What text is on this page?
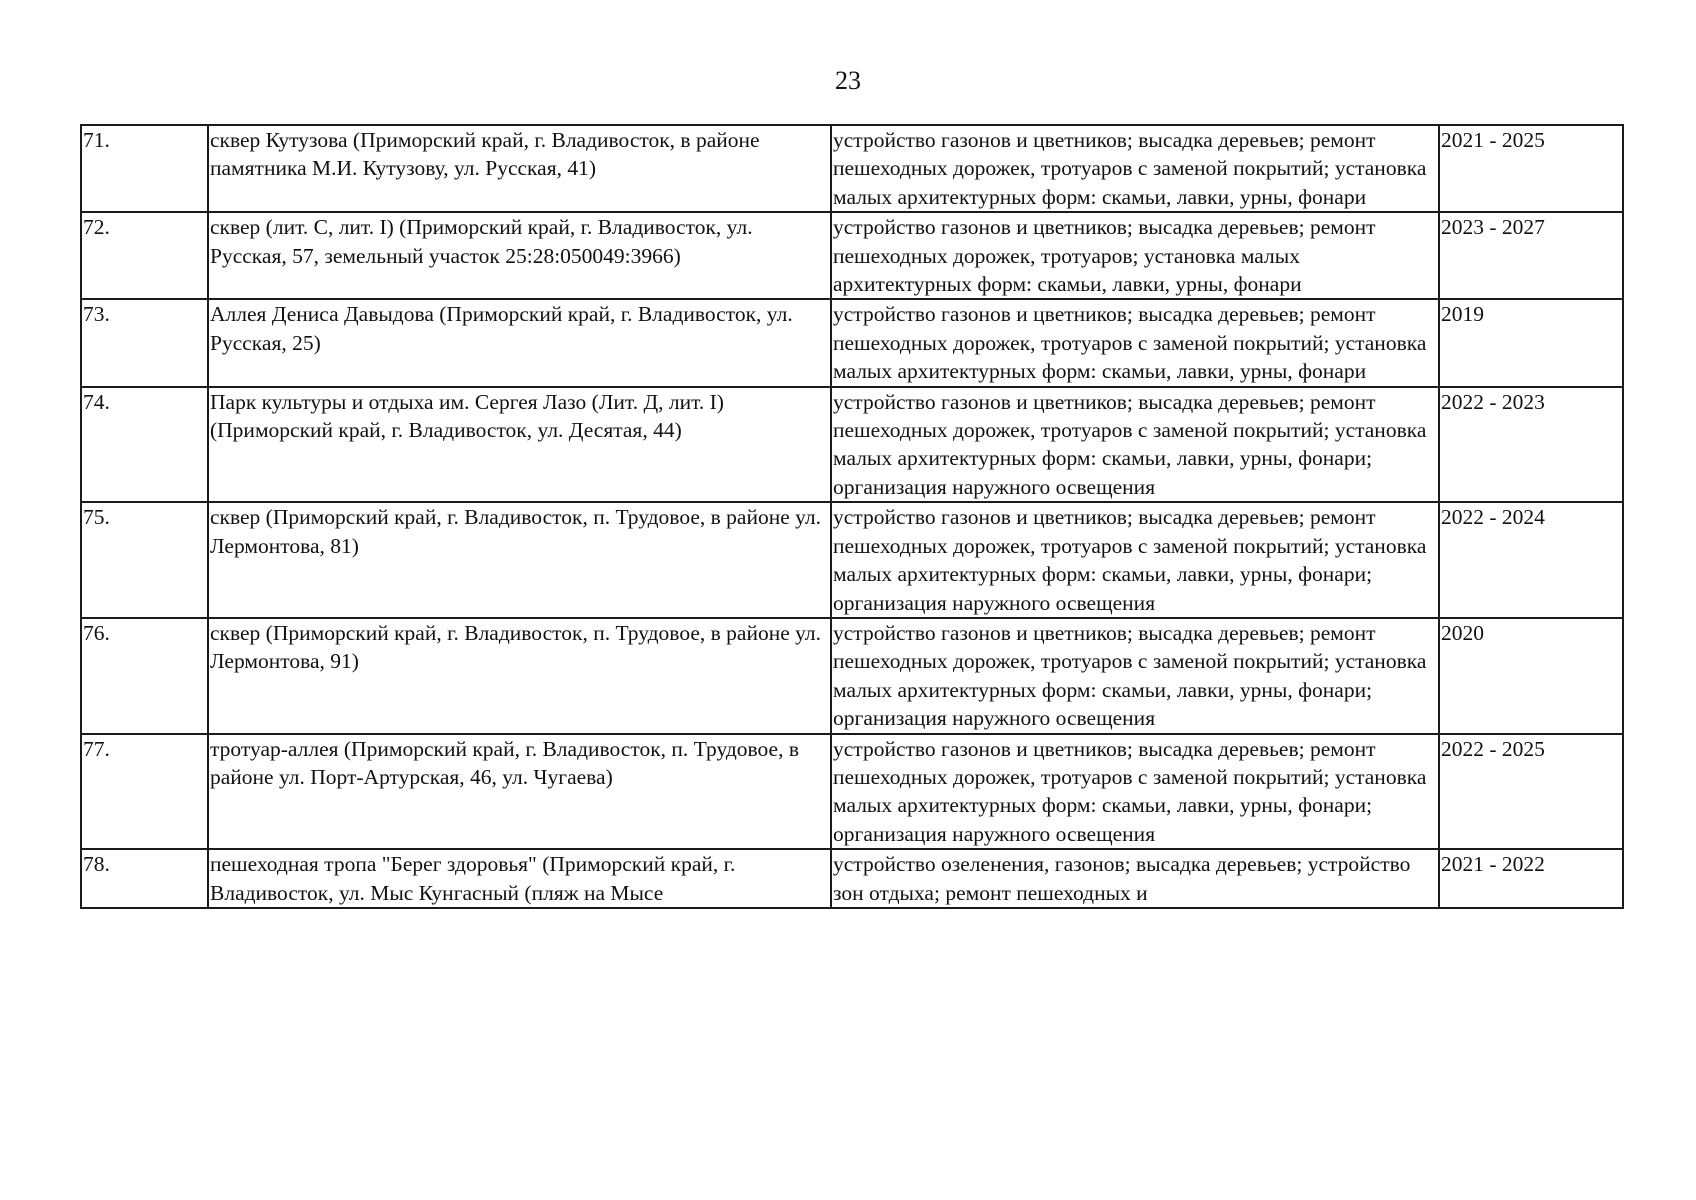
23
71.	сквер Кутузова (Приморский край, г. Владивосток, в районе памятника М.И. Кутузову, ул. Русская, 41)	устройство газонов и цветников; высадка деревьев; ремонт пешеходных дорожек, тротуаров с заменой покрытий; установка малых архитектурных форм: скамьи, лавки, урны, фонари	2021 - 2025
72.	сквер (лит. С, лит. I) (Приморский край, г. Владивосток, ул. Русская, 57, земельный участок 25:28:050049:3966)	устройство газонов и цветников; высадка деревьев; ремонт пешеходных дорожек, тротуаров; установка малых архитектурных форм: скамьи, лавки, урны, фонари	2023 - 2027
73.	Аллея Дениса Давыдова (Приморский край, г. Владивосток, ул. Русская, 25)	устройство газонов и цветников; высадка деревьев; ремонт пешеходных дорожек, тротуаров с заменой покрытий; установка малых архитектурных форм: скамьи, лавки, урны, фонари	2019
74.	Парк культуры и отдыха им. Сергея Лазо (Лит. Д, лит. I) (Приморский край, г. Владивосток, ул. Десятая, 44)	устройство газонов и цветников; высадка деревьев; ремонт пешеходных дорожек, тротуаров с заменой покрытий; установка малых архитектурных форм: скамьи, лавки, урны, фонари; организация наружного освещения	2022 - 2023
75.	сквер (Приморский край, г. Владивосток, п. Трудовое, в районе ул. Лермонтова, 81)	устройство газонов и цветников; высадка деревьев; ремонт пешеходных дорожек, тротуаров с заменой покрытий; установка малых архитектурных форм: скамьи, лавки, урны, фонари; организация наружного освещения	2022 - 2024
76.	сквер (Приморский край, г. Владивосток, п. Трудовое, в районе ул. Лермонтова, 91)	устройство газонов и цветников; высадка деревьев; ремонт пешеходных дорожек, тротуаров с заменой покрытий; установка малых архитектурных форм: скамьи, лавки, урны, фонари; организация наружного освещения	2020
77.	тротуар-аллея (Приморский край, г. Владивосток, п. Трудовое, в районе ул. Порт-Артурская, 46, ул. Чугаева)	устройство газонов и цветников; высадка деревьев; ремонт пешеходных дорожек, тротуаров с заменой покрытий; установка малых архитектурных форм: скамьи, лавки, урны, фонари; организация наружного освещения	2022 - 2025
78.	пешеходная тропа "Берег здоровья" (Приморский край, г. Владивосток, ул. Мыс Кунгасный (пляж на Мысе	устройство озеленения, газонов; высадка деревьев; устройство зон отдыха; ремонт пешеходных и	2021 - 2022
